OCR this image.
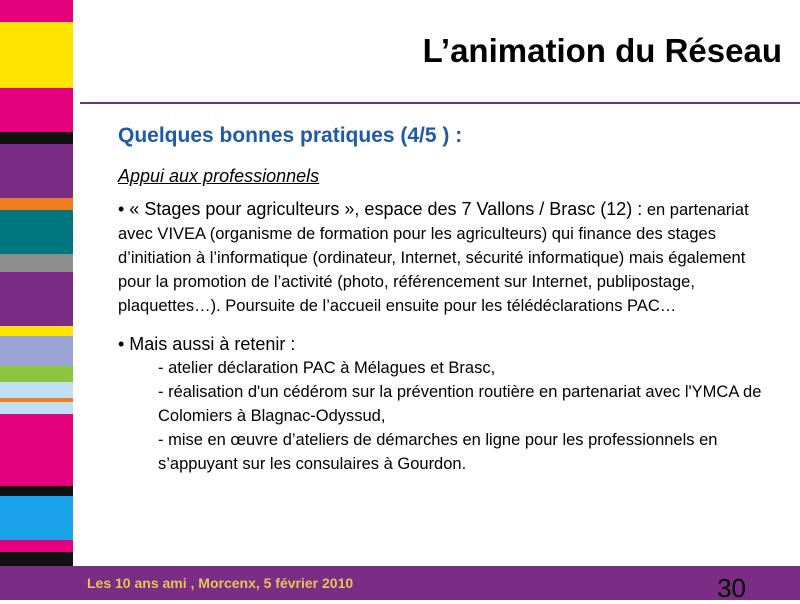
L’animation du Réseau
Quelques bonnes pratiques (4/5 ) :
Appui aux professionnels

• « Stages pour agriculteurs », espace des 7 Vallons / Brasc (12) : en partenariat avec VIVEA (organisme de formation pour les agriculteurs) qui finance des stages d’initiation à l’informatique (ordinateur, Internet, sécurité informatique) mais également pour la promotion de l’activité (photo, référencement sur Internet, publipostage, plaquettes…). Poursuite de l’accueil ensuite pour les télédéclarations PAC…

• Mais aussi à retenir :
- atelier déclaration PAC à Mélagues et Brasc,
- réalisation d'un cédérom sur la prévention routière en partenariat avec l'YMCA de Colomiers à Blagnac-Odyssud,
- mise en œuvre d’ateliers de démarches en ligne pour les professionnels en s’appuyant sur les consulaires à Gourdon.
Les 10 ans ami , Morcenx, 5 février 2010	30
